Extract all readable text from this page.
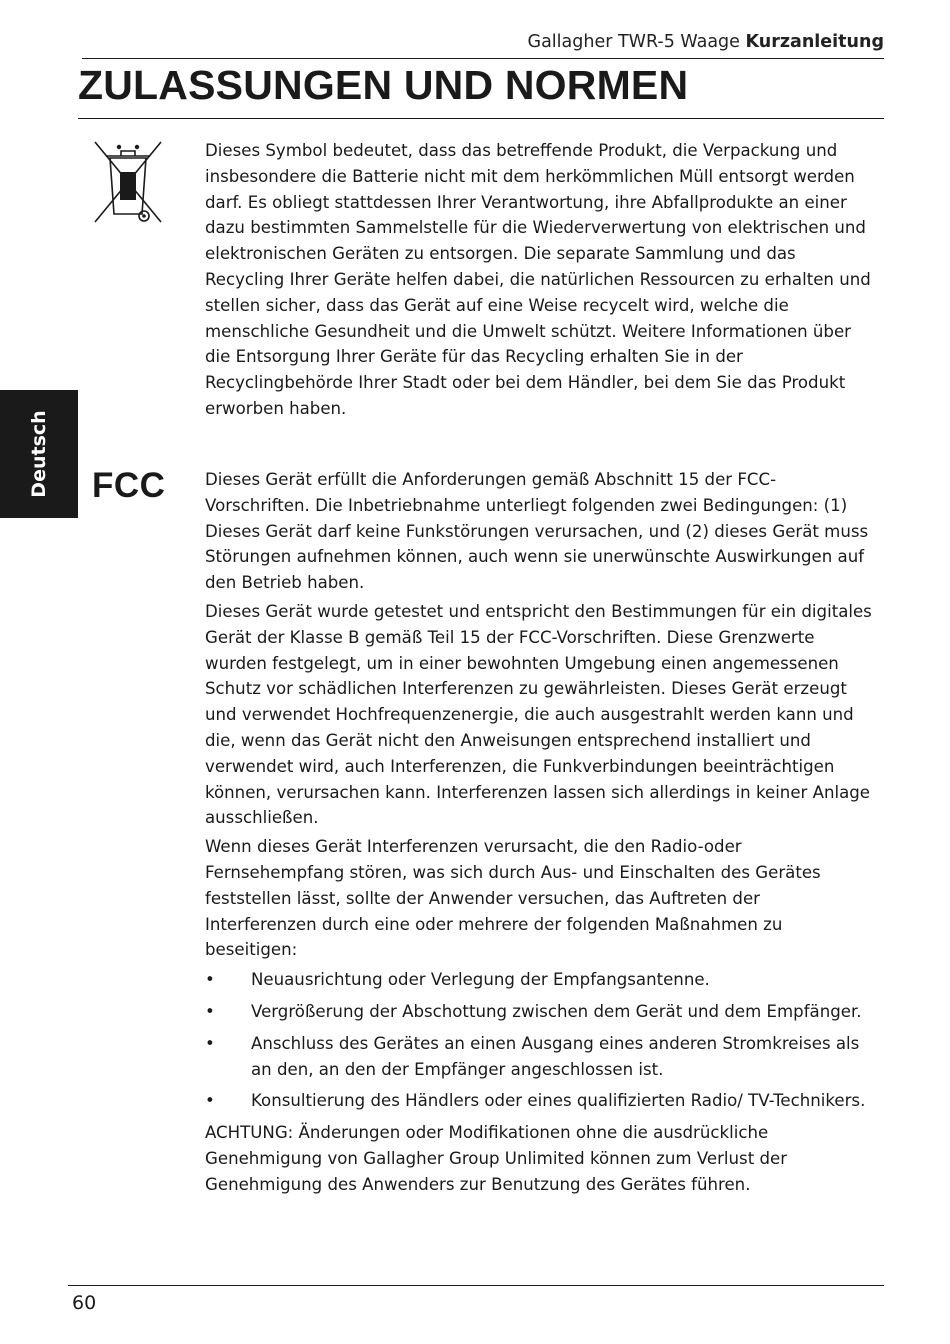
Gallagher TWR-5 Waage Kurzanleitung
ZULASSUNGEN UND NORMEN
Deutsch FCC

Dieses Symbol bedeutet, dass das betreffende Produkt, die Verpackung und insbesondere die Batterie nicht mit dem herkömmlichen Müll entsorgt werden darf. Es obliegt stattdessen Ihrer Verantwortung, ihre Abfallprodukte an einer dazu bestimmten Sammelstelle für die Wiederverwertung von elektrischen und elektronischen Geräten zu entsorgen. Die separate Sammlung und das Recycling Ihrer Geräte helfen dabei, die natürlichen Ressourcen zu erhalten und stellen sicher, dass das Gerät auf eine Weise recycelt wird, welche die menschliche Gesundheit und die Umwelt schützt. Weitere Informationen über die Entsorgung Ihrer Geräte für das Recycling erhalten Sie in der Recyclingbehörde Ihrer Stadt oder bei dem Händler, bei dem Sie das Produkt erworben haben.

Dieses Gerät erfüllt die Anforderungen gemäß Abschnitt 15 der FCC-Vorschriften. Die Inbetriebnahme unterliegt folgenden zwei Bedingungen: (1) Dieses Gerät darf keine Funkstörungen verursachen, und (2) dieses Gerät muss Störungen aufnehmen können, auch wenn sie unerwünschte Auswirkungen auf den Betrieb haben.

Dieses Gerät wurde getestet und entspricht den Bestimmungen für ein digitales Gerät der Klasse B gemäß Teil 15 der FCC-Vorschriften. Diese Grenzwerte wurden festgelegt, um in einer bewohnten Umgebung einen angemessenen Schutz vor schädlichen Interferenzen zu gewährleisten. Dieses Gerät erzeugt und verwendet Hochfrequenzenergie, die auch ausgestrahlt werden kann und die, wenn das Gerät nicht den Anweisungen entsprechend installiert und verwendet wird, auch Interferenzen, die Funkverbindungen beeinträchtigen können, verursachen kann. Interferenzen lassen sich allerdings in keiner Anlage ausschließen.

Wenn dieses Gerät Interferenzen verursacht, die den Radio-oder Fernsehempfang stören, was sich durch Aus- und Einschalten des Gerätes feststellen lässt, sollte der Anwender versuchen, das Auftreten der Interferenzen durch eine oder mehrere der folgenden Maßnahmen zu beseitigen:

• Neuausrichtung oder Verlegung der Empfangsantenne.
• Vergrößerung der Abschottung zwischen dem Gerät und dem Empfänger.
• Anschluss des Gerätes an einen Ausgang eines anderen Stromkreises als an den, an den der Empfänger angeschlossen ist.
• Konsultierung des Händlers oder eines qualifizierten Radio/ TV-Technikers.

ACHTUNG: Änderungen oder Modifikationen ohne die ausdrückliche Genehmigung von Gallagher Group Unlimited können zum Verlust der Genehmigung des Anwenders zur Benutzung des Gerätes führen.

60
